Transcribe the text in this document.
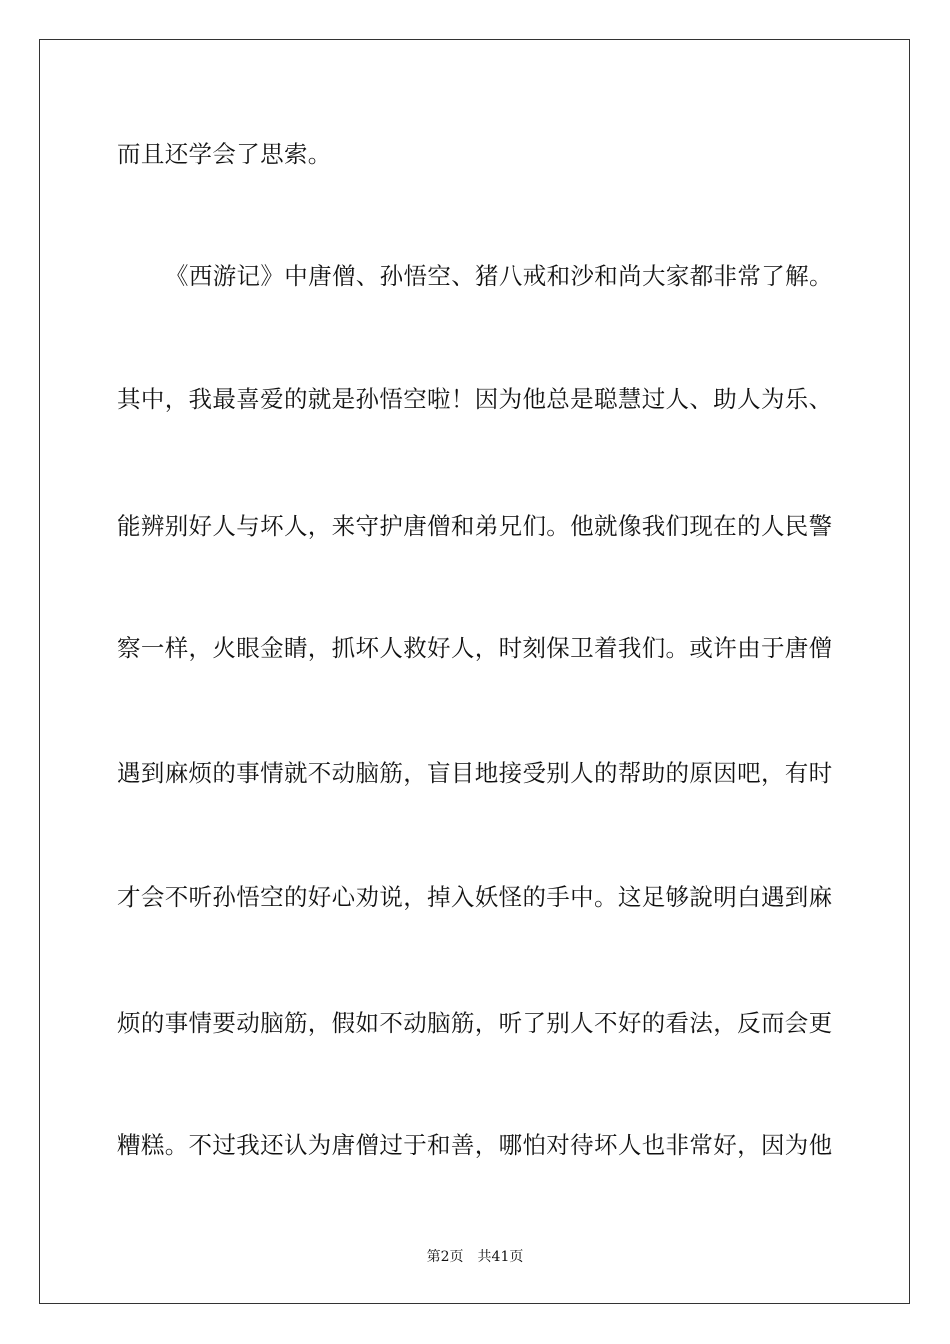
而且还学会了思索。
《西游记》中唐僧、孙悟空、猪八戒和沙和尚大家都非常了解。
其中，我最喜爱的就是孙悟空啦！因为他总是聪慧过人、助人为乐、
能辨别好人与坏人，来守护唐僧和弟兄们。他就像我们现在的人民警
察一样，火眼金睛，抓坏人救好人，时刻保卫着我们。或许由于唐僧
遇到麻烦的事情就不动脑筋，盲目地接受别人的帮助的原因吧，有时
才会不听孙悟空的好心劝说，掉入妖怪的手中。这足够說明白遇到麻
烦的事情要动脑筋，假如不动脑筋，听了别人不好的看法，反而会更
糟糕。不过我还认为唐僧过于和善，哪怕对待坏人也非常好，因为他
第2页 共41页
